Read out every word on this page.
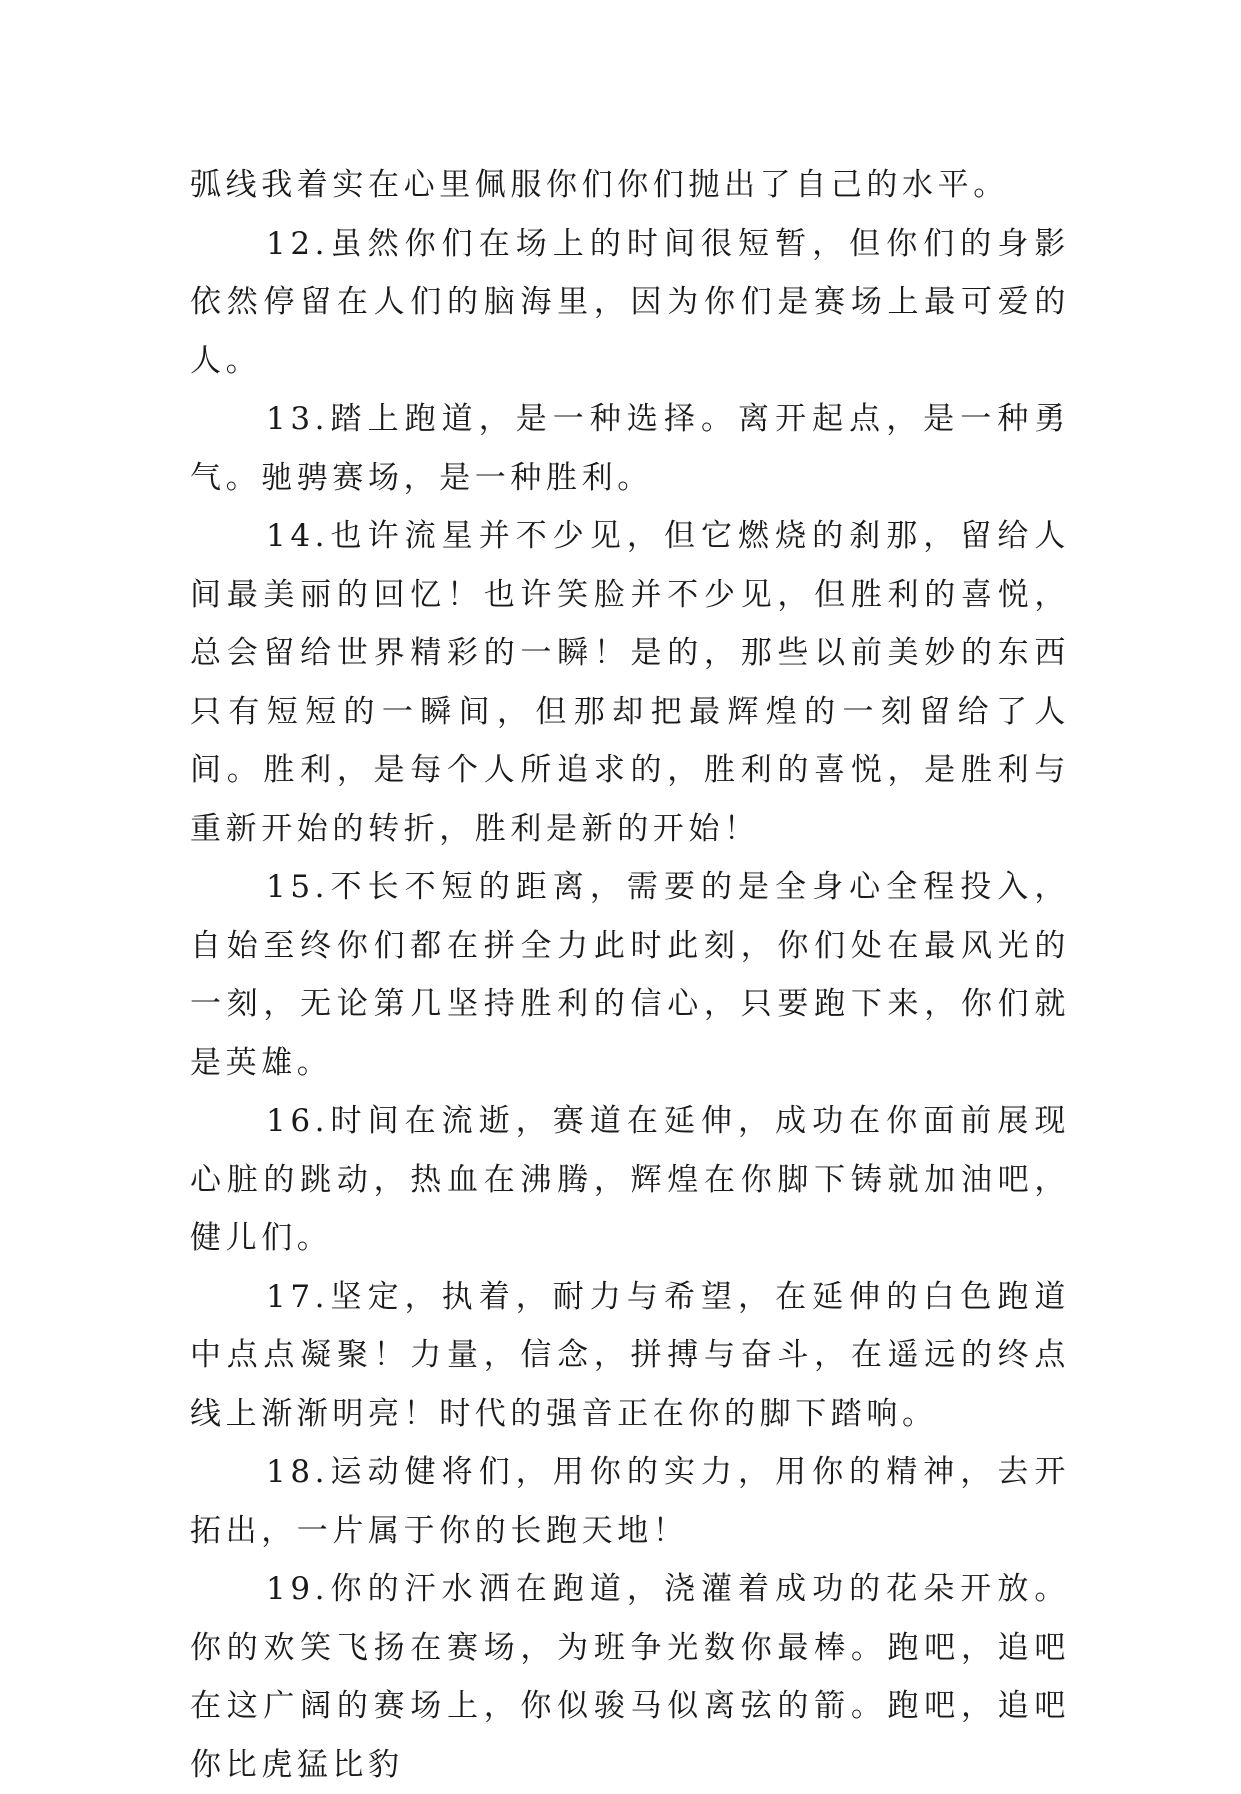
弧线我着实在心里佩服你们你们抛出了自己的水平。

12.虽然你们在场上的时间很短暂，但你们的身影依然停留在人们的脑海里，因为你们是赛场上最可爱的人。

13.踏上跑道，是一种选择。离开起点，是一种勇气。驰骋赛场，是一种胜利。

14.也许流星并不少见，但它燃烧的刹那，留给人间最美丽的回忆！也许笑脸并不少见，但胜利的喜悦，总会留给世界精彩的一瞬！是的，那些以前美妙的东西只有短短的一瞬间，但那却把最辉煌的一刻留给了人间。胜利，是每个人所追求的，胜利的喜悦，是胜利与重新开始的转折，胜利是新的开始！

15.不长不短的距离，需要的是全身心全程投入，自始至终你们都在拼全力此时此刻，你们处在最风光的一刻，无论第几坚持胜利的信心，只要跑下来，你们就是英雄。

16.时间在流逝，赛道在延伸，成功在你面前展现心脏的跳动，热血在沸腾，辉煌在你脚下铸就加油吧，健儿们。

17.坚定，执着，耐力与希望，在延伸的白色跑道中点点凝聚！力量，信念，拼搏与奋斗，在遥远的终点线上渐渐明亮！时代的强音正在你的脚下踏响。

18.运动健将们，用你的实力，用你的精神，去开拓出，一片属于你的长跑天地！

19.你的汗水洒在跑道，浇灌着成功的花朵开放。你的欢笑飞扬在赛场，为班争光数你最棒。跑吧，追吧在这广阔的赛场上，你似骏马似离弦的箭。跑吧，追吧你比虎猛比豹
